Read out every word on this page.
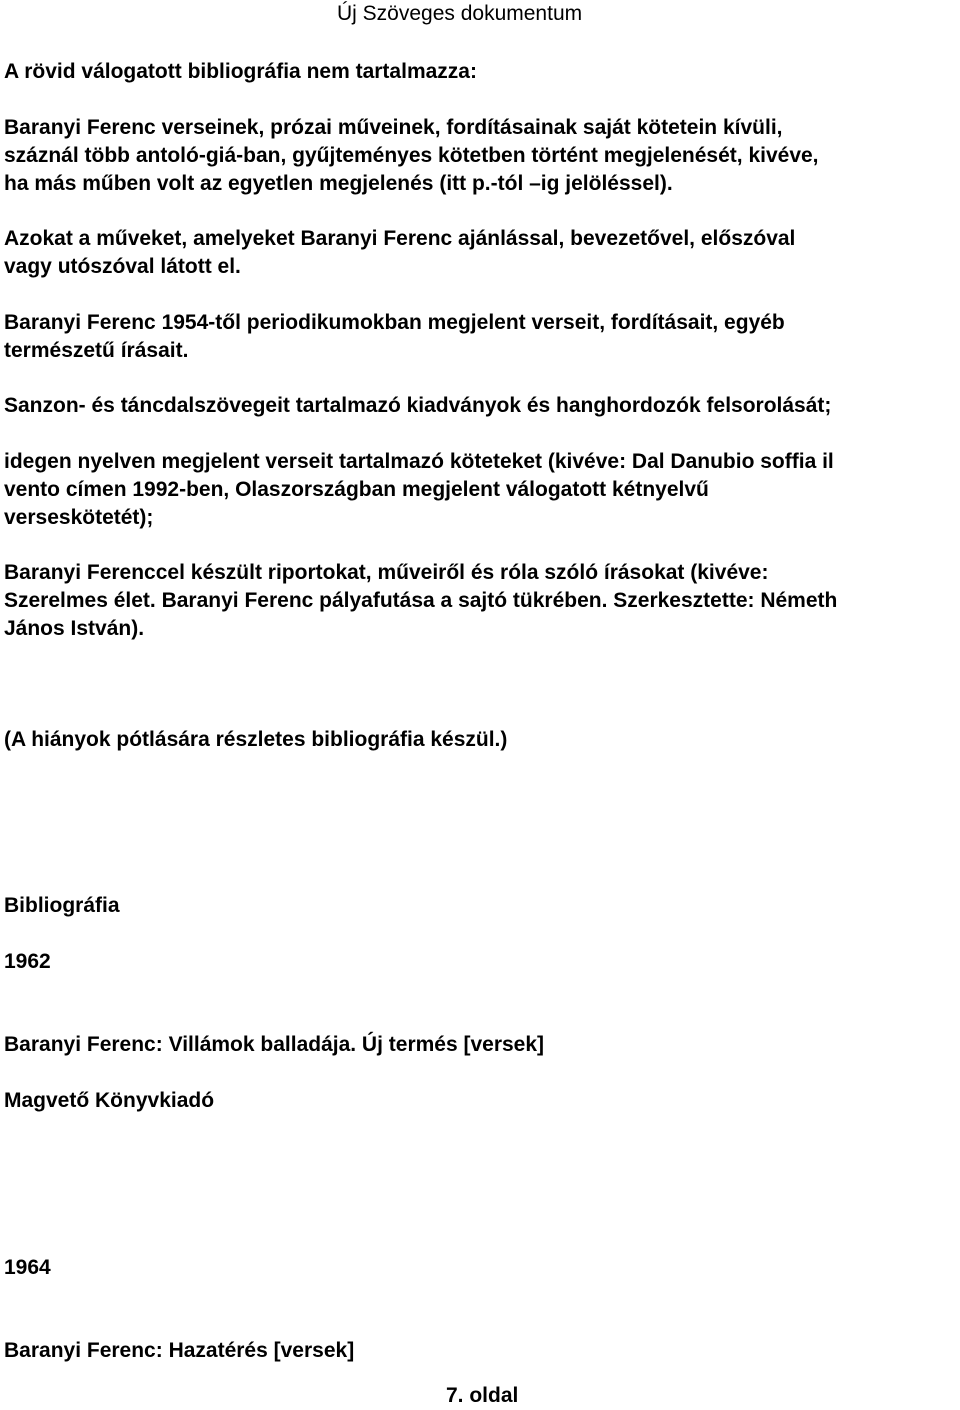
Új Szöveges dokumentum

A rövid válogatott bibliográfia nem tartalmazza:

Baranyi Ferenc verseinek, prózai műveinek, fordításainak saját kötetein kívüli,

száznál több antoló-giá-ban, gyűjteményes kötetben történt megjelenését, kivéve,

ha más műben volt az egyetlen megjelenés (itt p.-tól –ig jelöléssel).

Azokat a műveket, amelyeket Baranyi Ferenc ajánlással, bevezetővel, előszóval

vagy utószóval látott el.

Baranyi Ferenc 1954-től periodikumokban megjelent verseit, fordításait, egyéb

természetű írásait.

Sanzon- és táncdalszövegeit tartalmazó kiadványok és hanghordozók felsorolását;

idegen nyelven megjelent verseit tartalmazó köteteket (kivéve: Dal Danubio soffia il

vento címen 1992-ben, Olaszországban megjelent válogatott kétnyelvű

verseskötetét);

Baranyi Ferenccel készült riportokat, műveiről és róla szóló írásokat (kivéve:

Szerelmes élet. Baranyi Ferenc pályafutása a sajtó tükrében. Szerkesztette: Németh

János István).

(A hiányok pótlására részletes bibliográfia készül.)

Bibliográfia

1962

Baranyi Ferenc: Villámok balladája. Új termés [versek]

Magvető Könyvkiadó

1964

Baranyi Ferenc: Hazatérés [versek]

7. oldal
